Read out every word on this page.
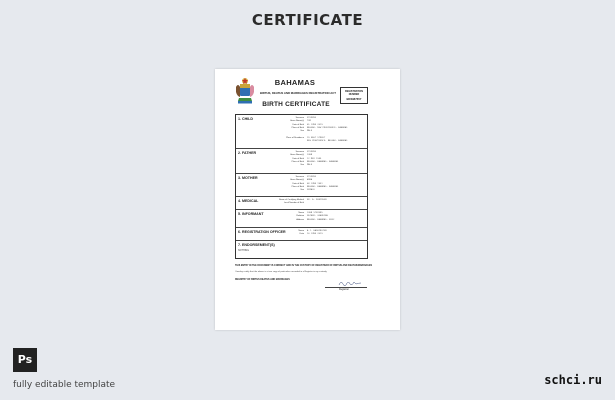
CERTIFICATE
BAHAMAS
BIRTHS, DEATHS AND MARRIAGES REGISTRATION ACT	REGISTRATION NUMBER
BR2987657
BIRTH CERTIFICATE
1. CHILD	Surname	STEVENS
Given Name(s)	TOM
Date of Birth	05 JUNE 2019
Place of Birth	NASSAU, NEW PROVIDENCE, BAHAMAS
Sex	MALE
Place of Residence	19 EAST STREET
NEW PROVIDENCE, NASSAU, BAHAMAS
2. FATHER	Surname	STEVENS
Given Name(s)	JOHN
Date of Birth	12 MAY 1989
Place of Birth	NASSAU, BAHAMAS, BAHAMAS
Sex	MALE
3. MOTHER	Surname	STEVENS
Given Name(s)	ANNA
Date of Birth	08 JUNE 1991
Place of Birth	NASSAU, BAHAMAS, BAHAMAS
Sex	FEMALE
4. MEDICAL	Name of Certifying Medical	DR. A. ROBINSON
Local Number of Birth
5. INFORMANT	Name	JOHN STEVENS
Relation	FATHER, GUARDIAN
Address	NASSAU, BAHAMAS, 8832
6. REGISTRATION OFFICER	Name	A.J. WASHINGTON
Date	10 JUNE 2019
7. ENDORSEMENT(S)
NOTHING
THIS ENTRY IN THE DOCUMENT IS CORRECT AND IN THE CUSTODY OF REGISTRAR OF BIRTHS AND DEATHS/MARRIAGES
I hereby certify that the above is a true copy of particulars recorded in a Register in my custody
REGISTRY OF BIRTHS DEATHS AND MARRIAGES
Registrar
Ps
fully editable template	schci.ru
